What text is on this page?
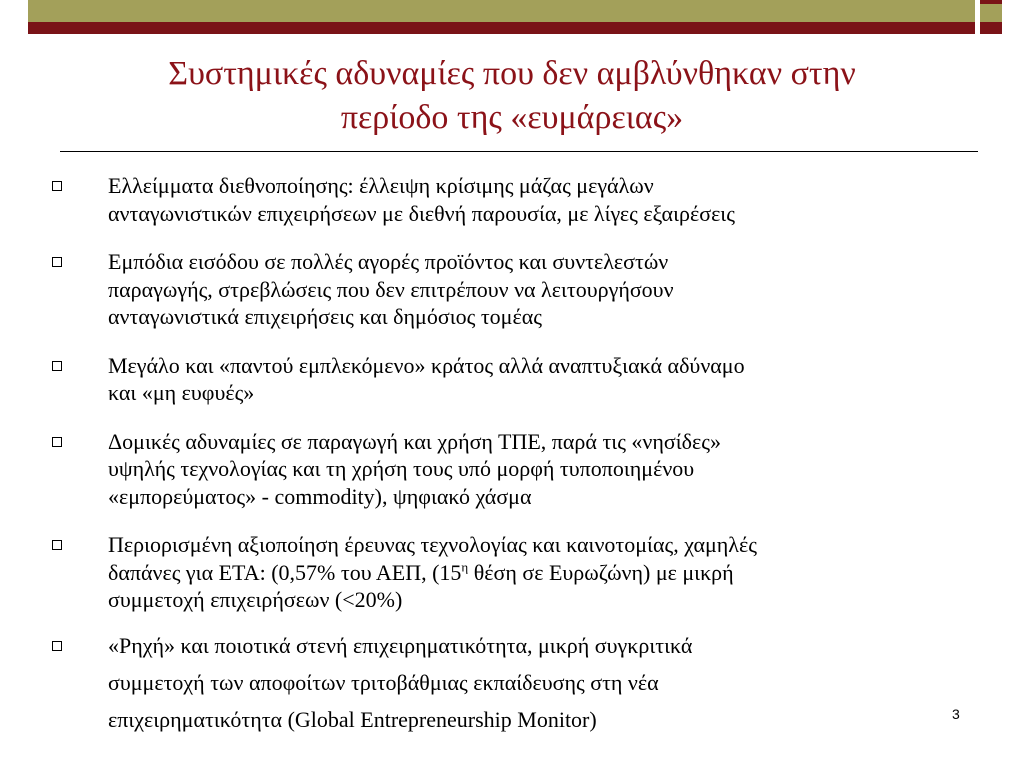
Συστημικές αδυναμίες που δεν αμβλύνθηκαν στην
περίοδο της «ευμάρειας»
Ελλείμματα διεθνοποίησης: έλλειψη κρίσιμης μάζας μεγάλων
ανταγωνιστικών επιχειρήσεων με διεθνή παρουσία, με λίγες εξαιρέσεις
Εμπόδια εισόδου σε πολλές αγορές προϊόντος και συντελεστών
παραγωγής, στρεβλώσεις που δεν επιτρέπουν να λειτουργήσουν
ανταγωνιστικά επιχειρήσεις και δημόσιος τομέας
Μεγάλο και «παντού εμπλεκόμενο» κράτος αλλά αναπτυξιακά αδύναμο
και «μη ευφυές»
Δομικές αδυναμίες σε παραγωγή και χρήση ΤΠΕ, παρά τις «νησίδες»
υψηλής τεχνολογίας και τη χρήση τους υπό μορφή τυποποιημένου
«εμπορεύματος» - commodity), ψηφιακό χάσμα
Περιορισμένη αξιοποίηση έρευνας τεχνολογίας και καινοτομίας, χαμηλές
δαπάνες για ΕΤΑ: (0,57% του ΑΕΠ, ($15^\eta$ θέση σε Ευρωζώνη) με μικρή
συμμετοχή επιχειρήσεων (<20%)
«Ρηχή» και ποιοτικά στενή επιχειρηματικότητα, μικρή συγκριτικά
συμμετοχή των αποφοίτων τριτοβάθμιας εκπαίδευσης στη νέα
επιχειρηματικότητα (Global Entrepreneurship Monitor)	3
